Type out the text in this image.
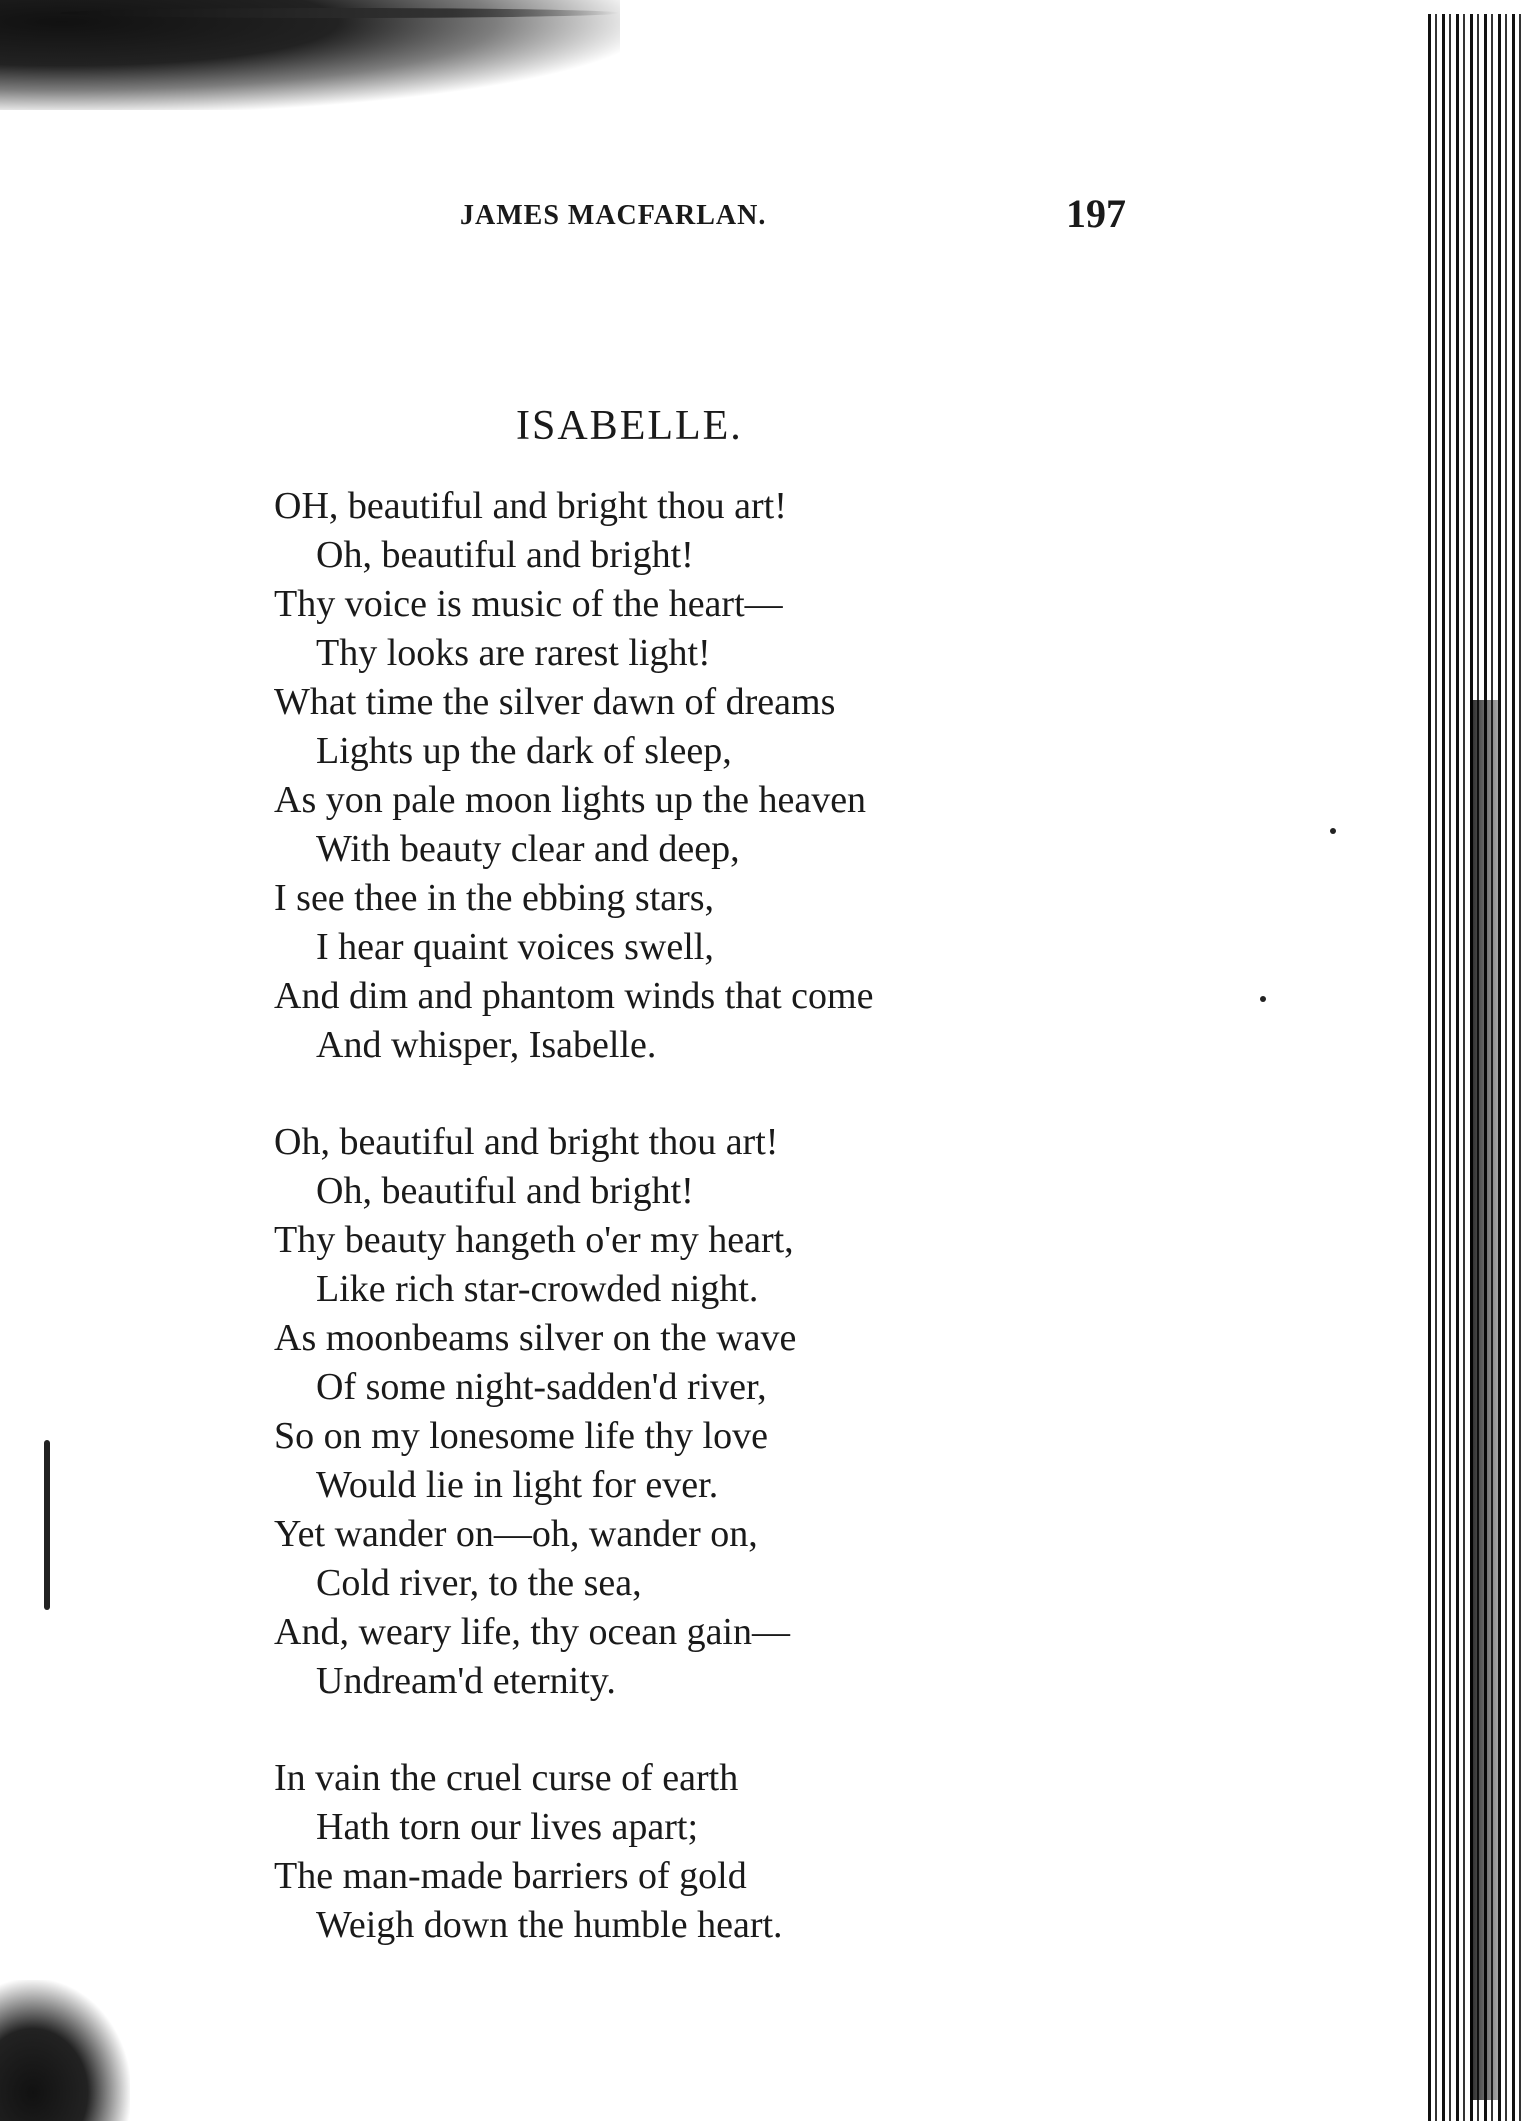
JAMES MACFARLAN.	197
ISABELLE.
OH, beautiful and bright thou art!
Oh, beautiful and bright!
Thy voice is music of the heart—
Thy looks are rarest light!
What time the silver dawn of dreams
Lights up the dark of sleep,
As yon pale moon lights up the heaven
With beauty clear and deep,
I see thee in the ebbing stars,
I hear quaint voices swell,
And dim and phantom winds that come
And whisper, Isabelle.
Oh, beautiful and bright thou art!
Oh, beautiful and bright!
Thy beauty hangeth o'er my heart,
Like rich star-crowded night.
As moonbeams silver on the wave
Of some night-sadden'd river,
So on my lonesome life thy love
Would lie in light for ever.
Yet wander on—oh, wander on,
Cold river, to the sea,
And, weary life, thy ocean gain—
Undream'd eternity.
In vain the cruel curse of earth
Hath torn our lives apart;
The man-made barriers of gold
Weigh down the humble heart.
